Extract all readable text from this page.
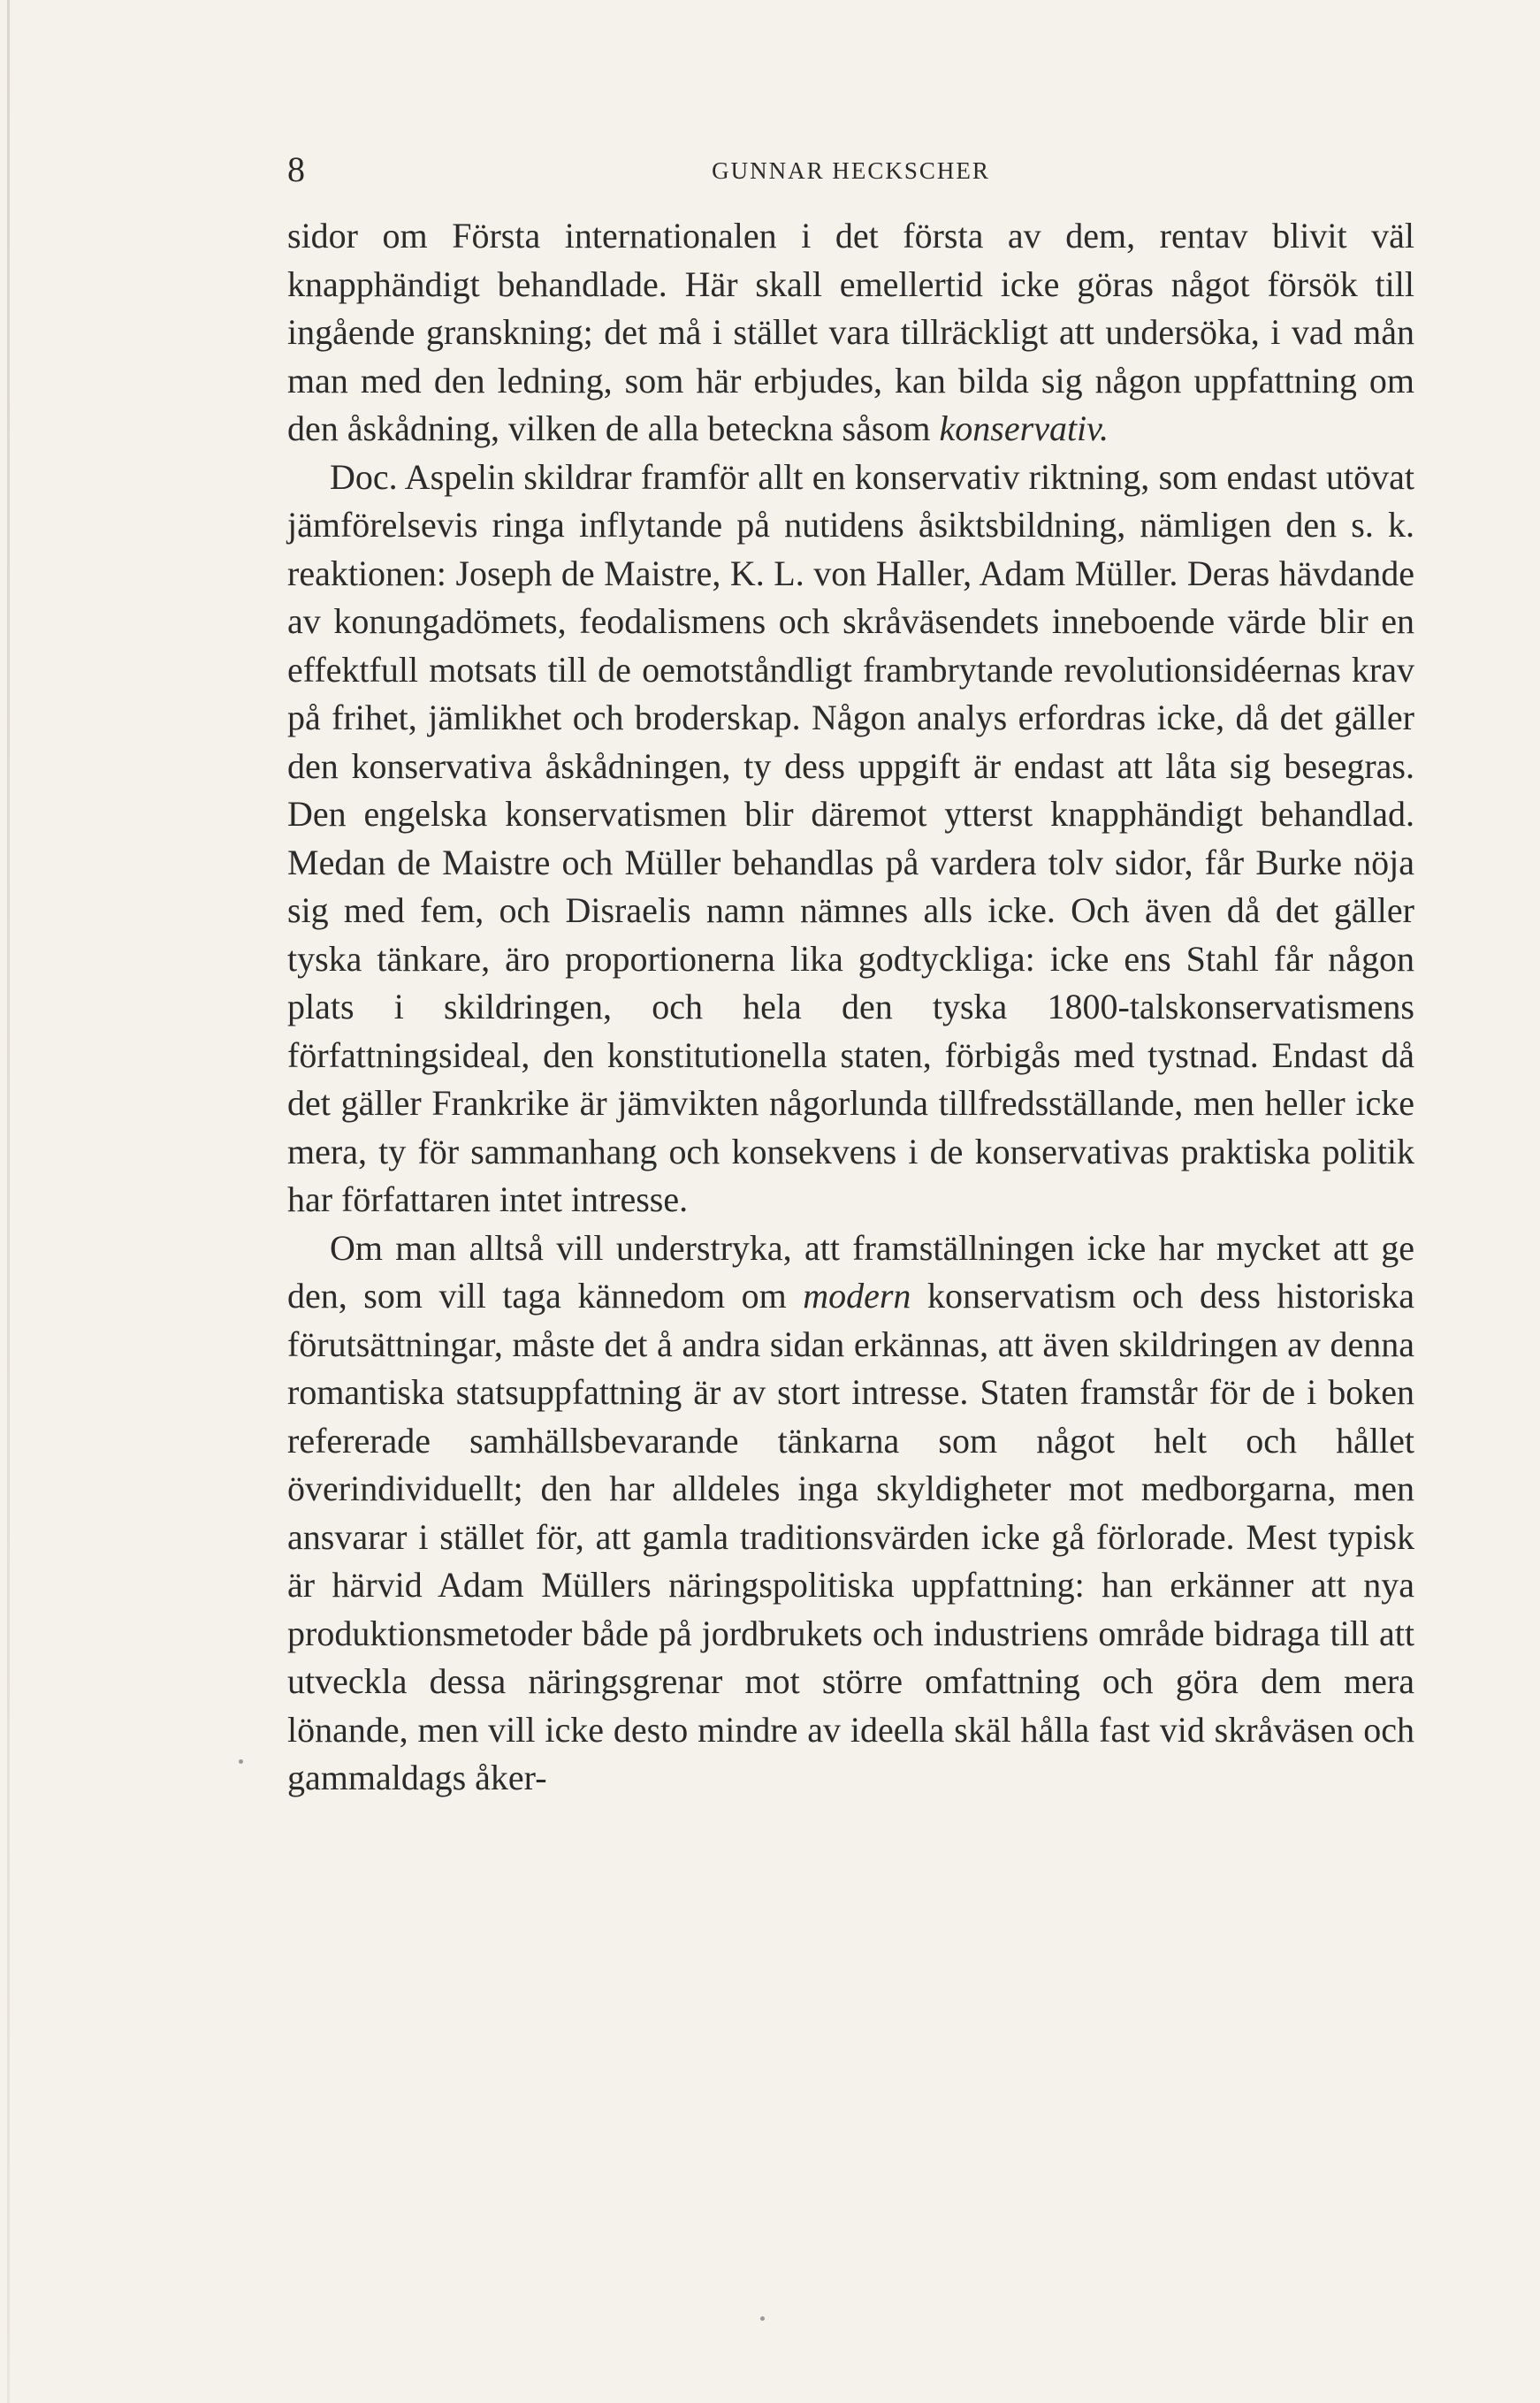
8	GUNNAR HECKSCHER

sidor om Första internationalen i det första av dem, rentav blivit väl knapphändigt behandlade. Här skall emellertid icke göras något försök till ingående granskning; det må i stället vara tillräckligt att undersöka, i vad mån man med den ledning, som här erbjudes, kan bilda sig någon uppfattning om den åskådning, vilken de alla beteckna såsom konservativ.

Doc. Aspelin skildrar framför allt en konservativ riktning, som endast utövat jämförelsevis ringa inflytande på nutidens åsiktsbildning, nämligen den s. k. reaktionen: Joseph de Maistre, K. L. von Haller, Adam Müller. Deras hävdande av konungadömets, feodalismens och skråväsendets inneboende värde blir en effektfull motsats till de oemotståndligt frambrytande revolutionsidéernas krav på frihet, jämlikhet och broderskap. Någon analys erfordras icke, då det gäller den konservativa åskådningen, ty dess uppgift är endast att låta sig besegras. Den engelska konservatismen blir däremot ytterst knapphändigt behandlad. Medan de Maistre och Müller behandlas på vardera tolv sidor, får Burke nöja sig med fem, och Disraelis namn nämnes alls icke. Och även då det gäller tyska tänkare, äro proportionerna lika godtyckliga: icke ens Stahl får någon plats i skildringen, och hela den tyska 1800-talskonservatismens författningsideal, den konstitutionella staten, förbigås med tystnad. Endast då det gäller Frankrike är jämvikten någorlunda tillfredsställande, men heller icke mera, ty för sammanhang och konsekvens i de konservativas praktiska politik har författaren intet intresse.

Om man alltså vill understryka, att framställningen icke har mycket att ge den, som vill taga kännedom om modern konservatism och dess historiska förutsättningar, måste det å andra sidan erkännas, att även skildringen av denna romantiska statsuppfattning är av stort intresse. Staten framstår för de i boken refererade samhällsbevarande tänkarna som något helt och hållet överindividuellt; den har alldeles inga skyldigheter mot medborgarna, men ansvarar i stället för, att gamla traditionsvärden icke gå förlorade. Mest typisk är härvid Adam Müllers näringspolitiska uppfattning: han erkänner att nya produktionsmetoder både på jordbrukets och industriens område bidraga till att utveckla dessa näringsgrenar mot större omfattning och göra dem mera lönande, men vill icke desto mindre av ideella skäl hålla fast vid skråväsen och gammaldags åker-
